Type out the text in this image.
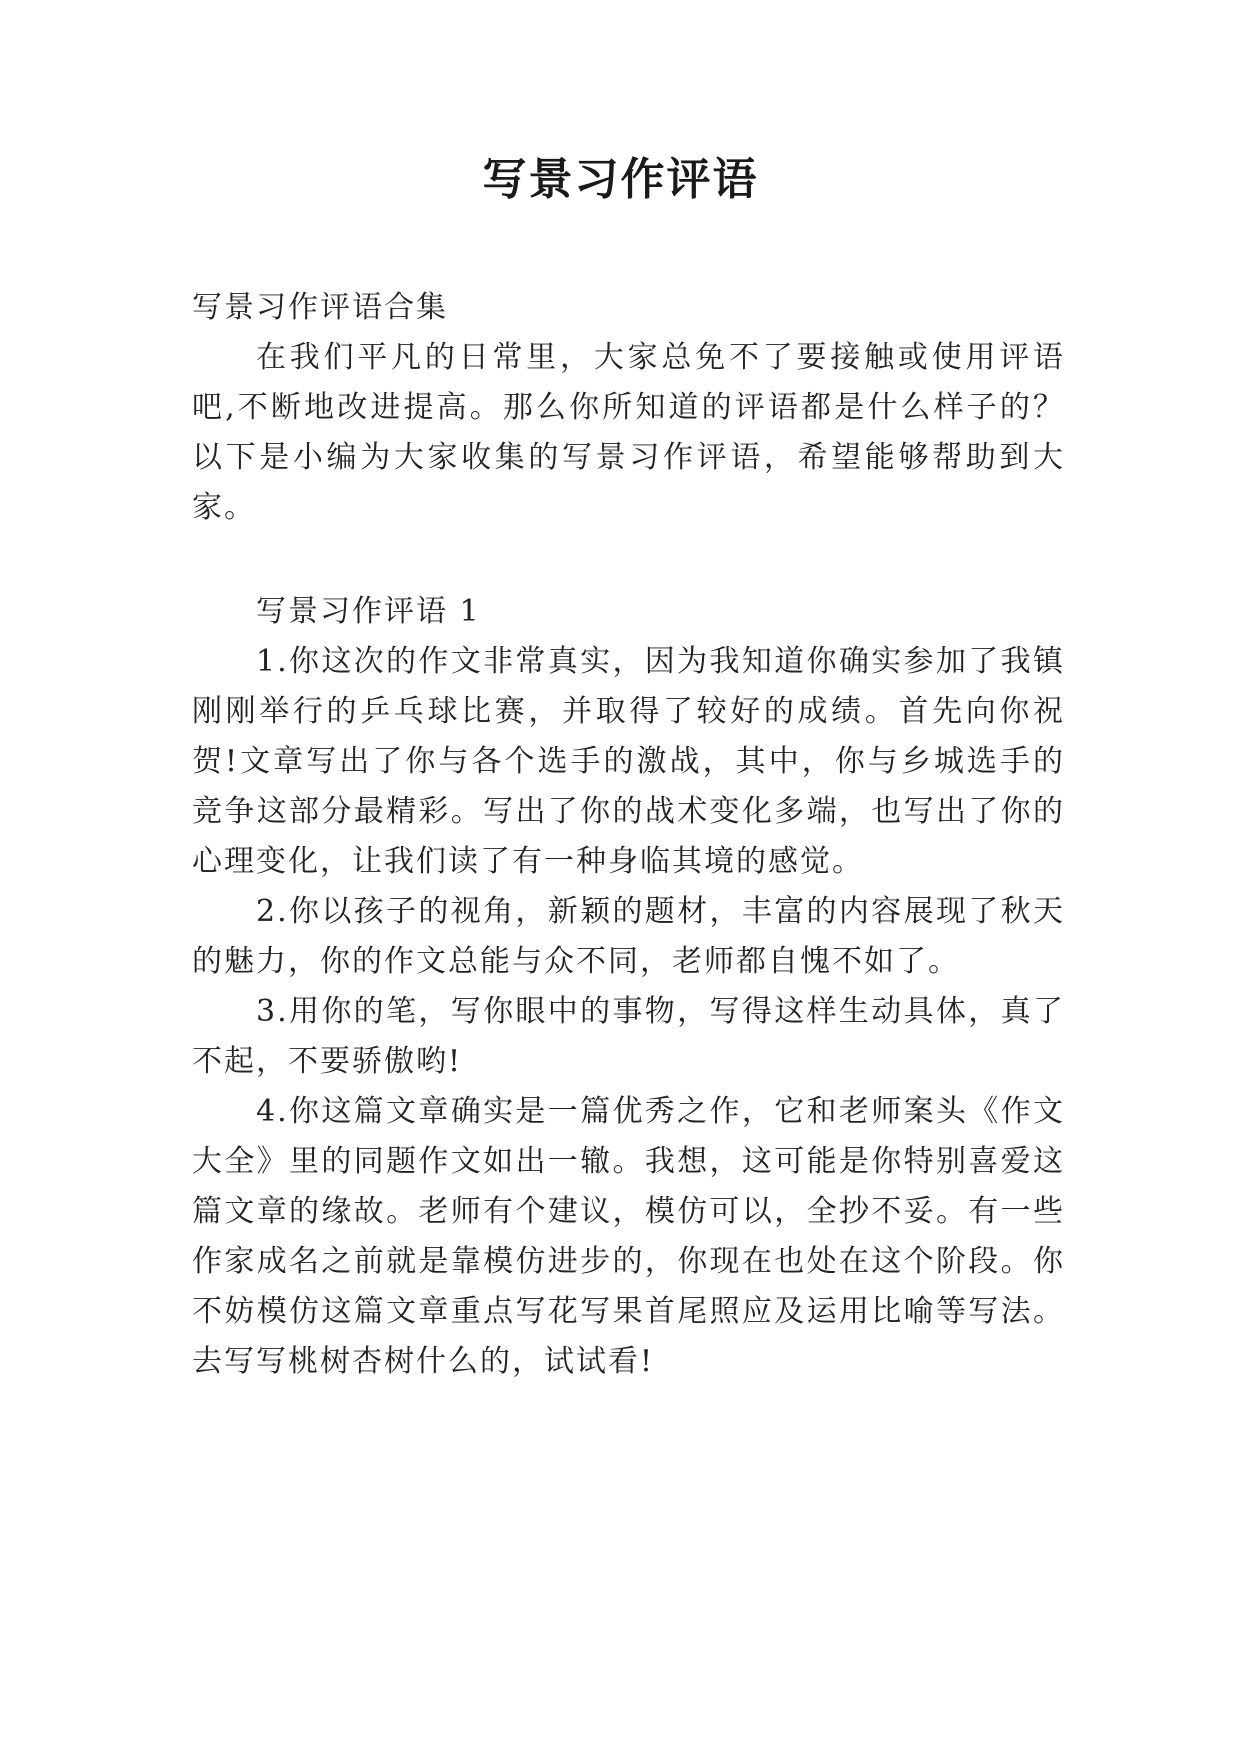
写景习作评语

写景习作评语合集

在我们平凡的日常里，大家总免不了要接触或使用评语吧,不断地改进提高。那么你所知道的评语都是什么样子的？以下是小编为大家收集的写景习作评语，希望能够帮助到大家。

写景习作评语 1

1.你这次的作文非常真实，因为我知道你确实参加了我镇刚刚举行的乒乓球比赛，并取得了较好的成绩。首先向你祝贺!文章写出了你与各个选手的激战，其中，你与乡城选手的竞争这部分最精彩。写出了你的战术变化多端，也写出了你的心理变化，让我们读了有一种身临其境的感觉。

2.你以孩子的视角，新颖的题材，丰富的内容展现了秋天的魅力，你的作文总能与众不同，老师都自愧不如了。

3.用你的笔，写你眼中的事物，写得这样生动具体，真了不起，不要骄傲哟!

4.你这篇文章确实是一篇优秀之作，它和老师案头《作文大全》里的同题作文如出一辙。我想，这可能是你特别喜爱这篇文章的缘故。老师有个建议，模仿可以，全抄不妥。有一些作家成名之前就是靠模仿进步的，你现在也处在这个阶段。你不妨模仿这篇文章重点写花写果首尾照应及运用比喻等写法。去写写桃树杏树什么的，试试看!
